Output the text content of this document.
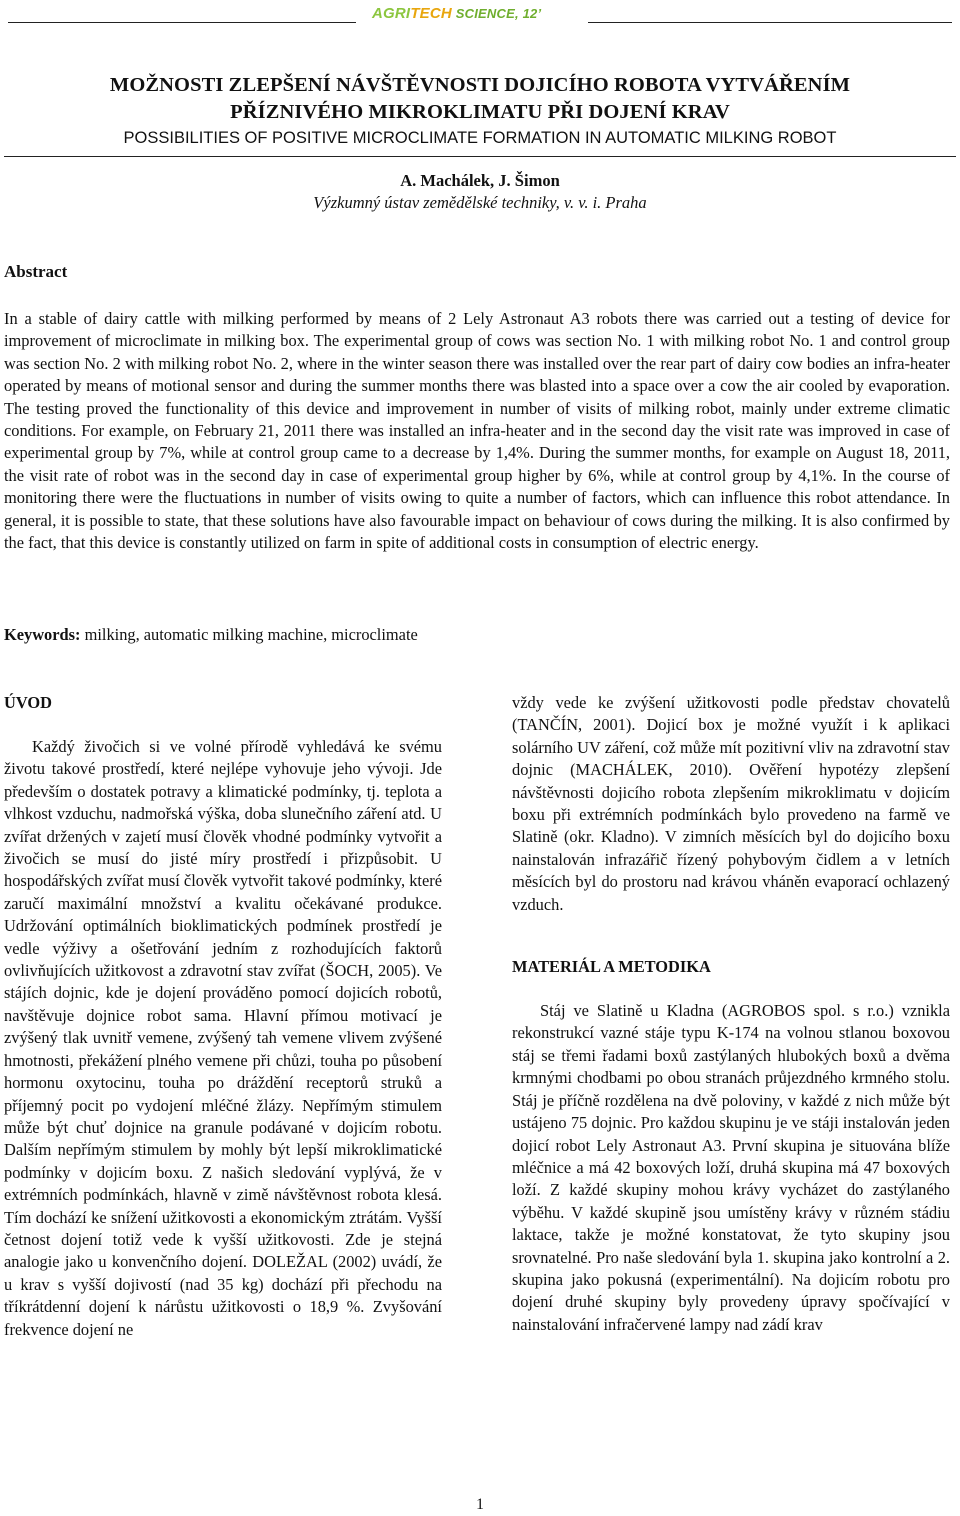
AGRITECH SCIENCE, 12’

MOŽNOSTI ZLEPŠENÍ NÁVŠTĚVNOSTI DOJICÍHO ROBOTA VYTVÁŘENÍM

PŘÍZNIVÉHO MIKROKLIMATU PŘI DOJENÍ KRAV

POSSIBILITIES OF POSITIVE MICROCLIMATE FORMATION IN AUTOMATIC MILKING ROBOT

A. Machálek, J. Šimon
Výzkumný ústav zemědělské techniky, v. v. i. Praha
Abstract

In a stable of dairy cattle with milking performed by means of 2 Lely Astronaut A3 robots there was carried out a testing of device for improvement of microclimate in milking box. The experimental group of cows was section No. 1 with milking robot No. 1 and control group was section No. 2 with milking robot No. 2, where in the winter season there was installed over the rear part of dairy cow bodies an infra-heater operated by means of motional sensor and during the summer months there was blasted into a space over a cow the air cooled by evaporation. The testing proved the functionality of this device and improvement in number of visits of milking robot, mainly under extreme climatic conditions. For example, on February 21, 2011 there was installed an infra-heater and in the second day the visit rate was improved in case of experimental group by 7%, while at control group came to a decrease by 1,4%. During the summer months, for example on August 18, 2011, the visit rate of robot was in the second day in case of experimental group higher by 6%, while at control group by 4,1%. In the course of monitoring there were the fluctuations in number of visits owing to quite a number of factors, which can influence this robot attendance. In general, it is possible to state, that these solutions have also favourable impact on behaviour of cows during the milking. It is also confirmed by the fact, that this device is constantly utilized on farm in spite of additional costs in consumption of electric energy.

Keywords: milking, automatic milking machine, microclimate

ÚVOD

Každý živočich si ve volné přírodě vyhledává ke svému životu takové prostředí, které nejlépe vyhovuje jeho vývoji. Jde především o dostatek potravy a klimatické podmínky, tj. teplota a vlhkost vzduchu, nadmořská výška, doba slunečního záření atd. U zvířat držených v zajetí musí člověk vhodné podmínky vytvořit a živočich se musí do jisté míry prostředí i přizpůsobit. U hospodářských zvířat musí člověk vytvořit takové podmínky, které zaručí maximální množství a kvalitu očekávané produkce. Udržování optimálních bioklimatických podmínek prostředí je vedle výživy a ošetřování jedním z rozhodujících faktorů ovlivňujících užitkovost a zdravotní stav zvířat (ŠOCH, 2005). Ve stájích dojnic, kde je dojení prováděno pomocí dojicích robotů, navštěvuje dojnice robot sama. Hlavní přímou motivací je zvýšený tlak uvnitř vemene, zvýšený tah vemene vlivem zvýšené hmotnosti, překážení plného vemene při chůzi, touha po působení hormonu oxytocinu, touha po dráždění receptorů struků a příjemný pocit po vydojení mléčné žlázy. Nepřímým stimulem může být chuť dojnice na granule podávané v dojicím robotu. Dalším nepřímým stimulem by mohly být lepší mikroklimatické podmínky v dojicím boxu. Z našich sledování vyplývá, že v extrémních podmínkách, hlavně v zimě návštěvnost robota klesá. Tím dochází ke snížení užitkovosti a ekonomickým ztrátám. Vyšší četnost dojení totiž vede k vyšší užitkovosti. Zde je stejná analogie jako u konvenčního dojení. DOLEŽAL (2002) uvádí, že u krav s vyšší dojivostí (nad 35 kg) dochází při přechodu na tříkrátdenní dojení k nárůstu užitkovosti o 18,9 %. Zvyšování frekvence dojení ne

vždy vede ke zvýšení užitkovosti podle představ chovatelů (TANČÍN, 2001). Dojicí box je možné využít i k aplikaci solárního UV záření, což může mít pozitivní vliv na zdravotní stav dojnic (MACHÁLEK, 2010). Ověření hypotézy zlepšení návštěvnosti dojicího robota zlepšením mikroklimatu v dojicím boxu při extrémních podmínkách bylo provedeno na farmě ve Slatině (okr. Kladno). V zimních měsících byl do dojicího boxu nainstalován infrazářič řízený pohybovým čidlem a v letních měsících byl do prostoru nad krávou vháněn evaporací ochlazený vzduch.

MATERIÁL A METODIKA

Stáj ve Slatině u Kladna (AGROBOS spol. s r.o.) vznikla rekonstrukcí vazné stáje typu K-174 na volnou stlanou boxovou stáj se třemi řadami boxů zastýlaných hlubokých boxů a dvěma krmnými chodbami po obou stranách průjezdného krmného stolu. Stáj je příčně rozdělena na dvě poloviny, v každé z nich může být ustájeno 75 dojnic. Pro každou skupinu je ve stáji instalován jeden dojicí robot Lely Astronaut A3. První skupina je situována blíže mléčnice a má 42 boxových loží, druhá skupina má 47 boxových loží. Z každé skupiny mohou krávy vycházet do zastýlaného výběhu. V každé skupině jsou umístěny krávy v různém stádiu laktace, takže je možné konstatovat, že tyto skupiny jsou srovnatelné. Pro naše sledování byla 1. skupina jako kontrolní a 2. skupina jako pokusná (experimentální). Na dojicím robotu pro dojení druhé skupiny byly provedeny úpravy spočívající v nainstalování infračervené lampy nad zádí krav

1
